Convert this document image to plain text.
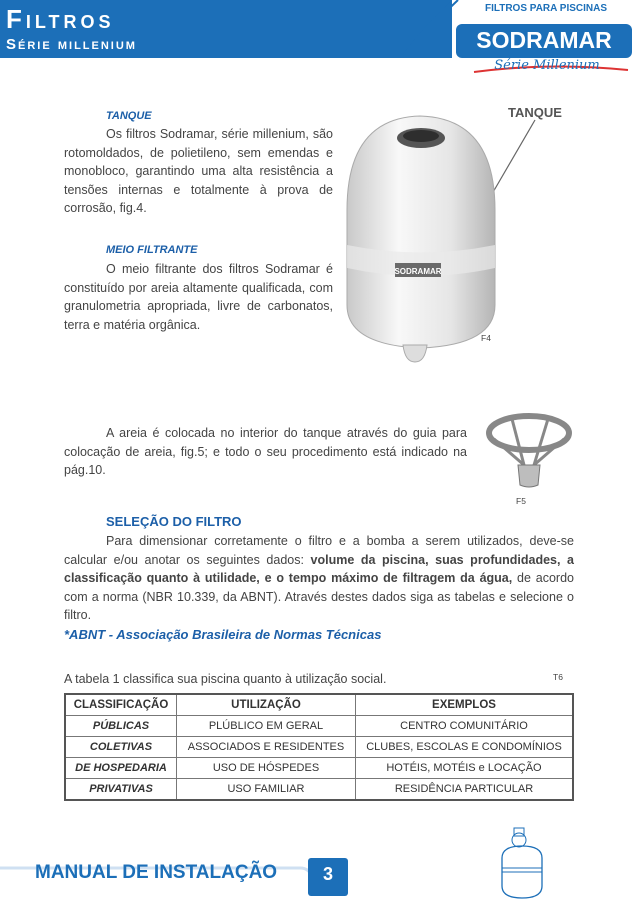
Filtros
Série millenium
FILTROS PARA PISCINAS
SODRAMAR
Série Millenium
TANQUE
Os filtros Sodramar, série millenium, são rotomoldados, de polietileno, sem emendas e monobloco, garantindo uma alta resistência a tensões internas e totalmente à prova de corrosão, fig.4.
TANQUE
SODRAMAR
F4
MEIO FILTRANTE
O meio filtrante dos filtros Sodramar é constituído por areia altamente qualificada, com granulometria apropriada, livre de carbonatos, terra e matéria orgânica.
A areia é colocada no interior do tanque através do guia para colocação de areia, fig.5; e todo o seu procedimento está indicado na pág.10.
F5
SELEÇÃO DO FILTRO
Para dimensionar corretamente o filtro e a bomba a serem utilizados, deve-se calcular e/ou anotar os seguintes dados: volume da piscina, suas profundidades, a classificação quanto à utilidade, e o tempo máximo de filtragem da água, de acordo com a norma (NBR 10.339, da ABNT). Através destes dados siga as tabelas e selecione o filtro.
*ABNT - Associação Brasileira de Normas Técnicas
A tabela 1 classifica sua piscina quanto à utilização social.	T6
CLASSIFICAÇÃO	UTILIZAÇÃO	EXEMPLOS
PÚBLICAS	PLÚBLICO EM GERAL	CENTRO COMUNITÁRIO
COLETIVAS	ASSOCIADOS E RESIDENTES	CLUBES, ESCOLAS E CONDOMÍNIOS
DE HOSPEDARIA	USO DE HÓSPEDES	HOTÉIS, MOTÉIS e LOCAÇÃO
PRIVATIVAS	USO FAMILIAR	RESIDÊNCIA PARTICULAR
MANUAL DE INSTALAÇÃO	3
